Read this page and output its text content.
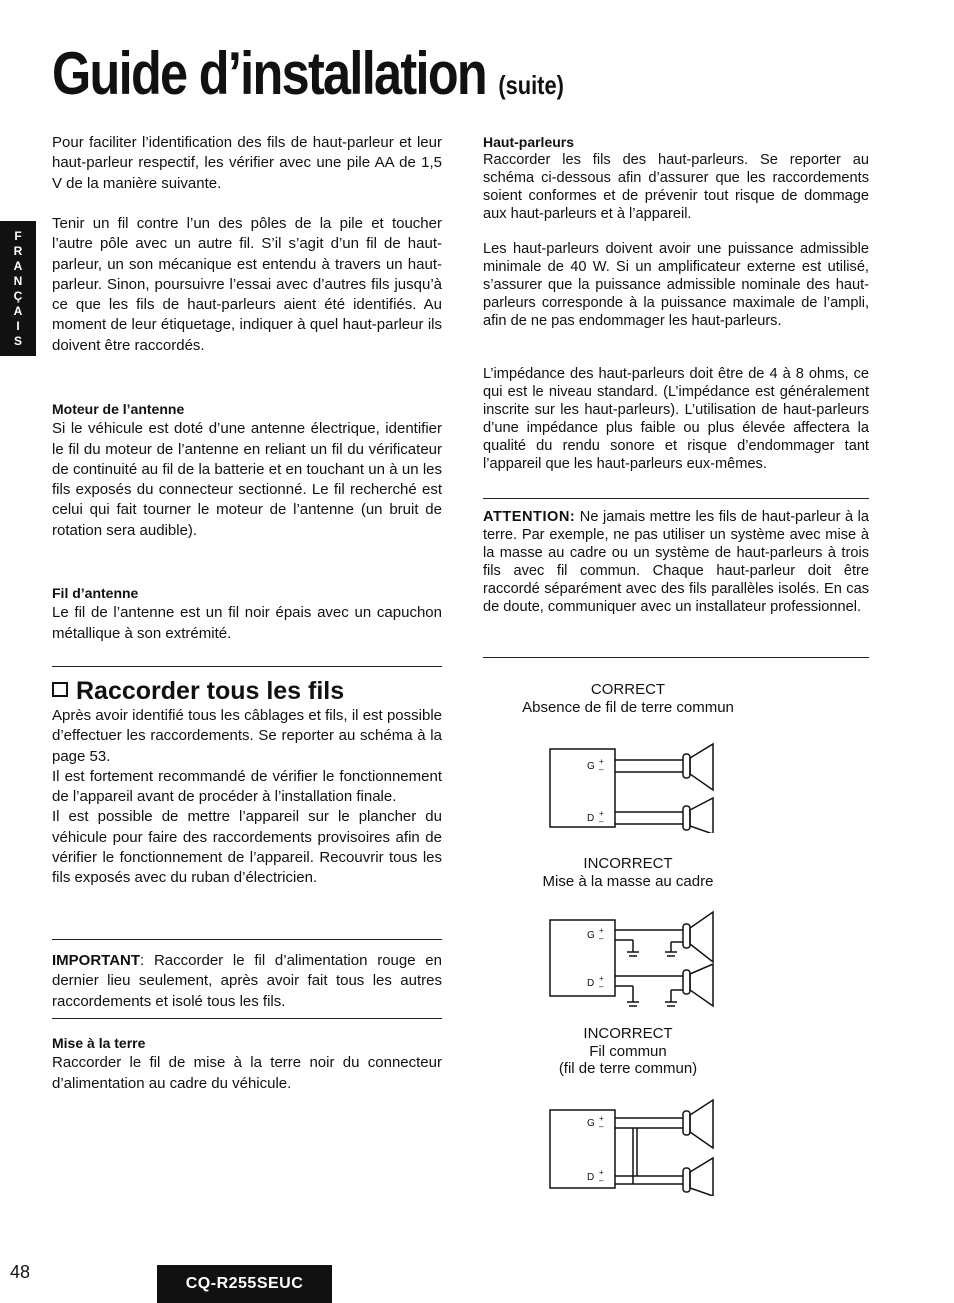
Guide d’installation (suite)
F
R
A
N
Ç
A
I
S

Pour faciliter l’identification des fils de haut-parleur et leur haut-parleur respectif, les vérifier avec une pile AA de 1,5 V de la manière suivante.

Tenir un fil contre l’un des pôles de la pile et toucher l’autre pôle avec un autre fil. S’il s’agit d’un fil de haut-parleur, un son mécanique est entendu à travers un haut-parleur. Sinon, poursuivre l’essai avec d’autres fils jusqu’à ce que les fils de haut-parleurs aient été identifiés. Au moment de leur étiquetage, indiquer à quel haut-parleur ils doivent être raccordés.

Moteur de l’antenne

Si le véhicule est doté d’une antenne électrique, identifier le fil du moteur de l’antenne en reliant un fil du vérificateur de continuité au fil de la batterie et en touchant un à un les fils exposés du connecteur sectionné. Le fil recherché est celui qui fait tourner le moteur de l’antenne (un bruit de rotation sera audible).

Fil d’antenne

Le fil de l’antenne est un fil noir épais avec un capuchon métallique à son extrémité.

Raccorder tous les fils

Après avoir identifié tous les câblages et fils, il est possible d’effectuer les raccordements. Se reporter au schéma à la page 53.

Il est fortement recommandé de vérifier le fonctionnement de l’appareil avant de procéder à l’installation finale.

Il est possible de mettre l’appareil sur le plancher du véhicule pour faire des raccordements provisoires afin de vérifier le fonctionnement de l’appareil. Recouvrir tous les fils exposés avec du ruban d’électricien.

IMPORTANT: Raccorder le fil d’alimentation rouge en dernier lieu seulement, après avoir fait tous les autres raccordements et isolé tous les fils.

Mise à la terre

Raccorder le fil de mise à la terre noir du connecteur d’alimentation au cadre du véhicule.

Haut-parleurs

Raccorder les fils des haut-parleurs. Se reporter au schéma ci-dessous afin d’assurer que les raccordements soient conformes et de prévenir tout risque de dommage aux haut-parleurs et à l’appareil.

Les haut-parleurs doivent avoir une puissance admissible minimale de 40 W. Si un amplificateur externe est utilisé, s’assurer que la puissance admissible nominale des haut-parleurs corresponde à la puissance maximale de l’ampli, afin de ne pas endommager les haut-parleurs.

L’impédance des haut-parleurs doit être de 4 à 8 ohms, ce qui est le niveau standard. (L’impédance est généralement inscrite sur les haut-parleurs). L’utilisation de haut-parleurs d’une impédance plus faible ou plus élevée affectera la qualité du rendu sonore et risque d’endommager tant l’appareil que les haut-parleurs eux-mêmes.

ATTENTION: Ne jamais mettre les fils de haut-parleur à la terre. Par exemple, ne pas utiliser un système avec mise à la masse au cadre ou un système de haut-parleurs à trois fils avec fil commun. Chaque haut-parleur doit être raccordé séparément avec des fils parallèles isolés. En cas de doute, communiquer avec un installateur professionnel.

CORRECT
Absence de fil de terre commun
G +
–
D +
–
INCORRECT
Mise à la masse au cadre
G +
–
D +
–
INCORRECT
Fil commun
(fil de terre commun)
G +
–
D +
–
48
CQ-R255SEUC
